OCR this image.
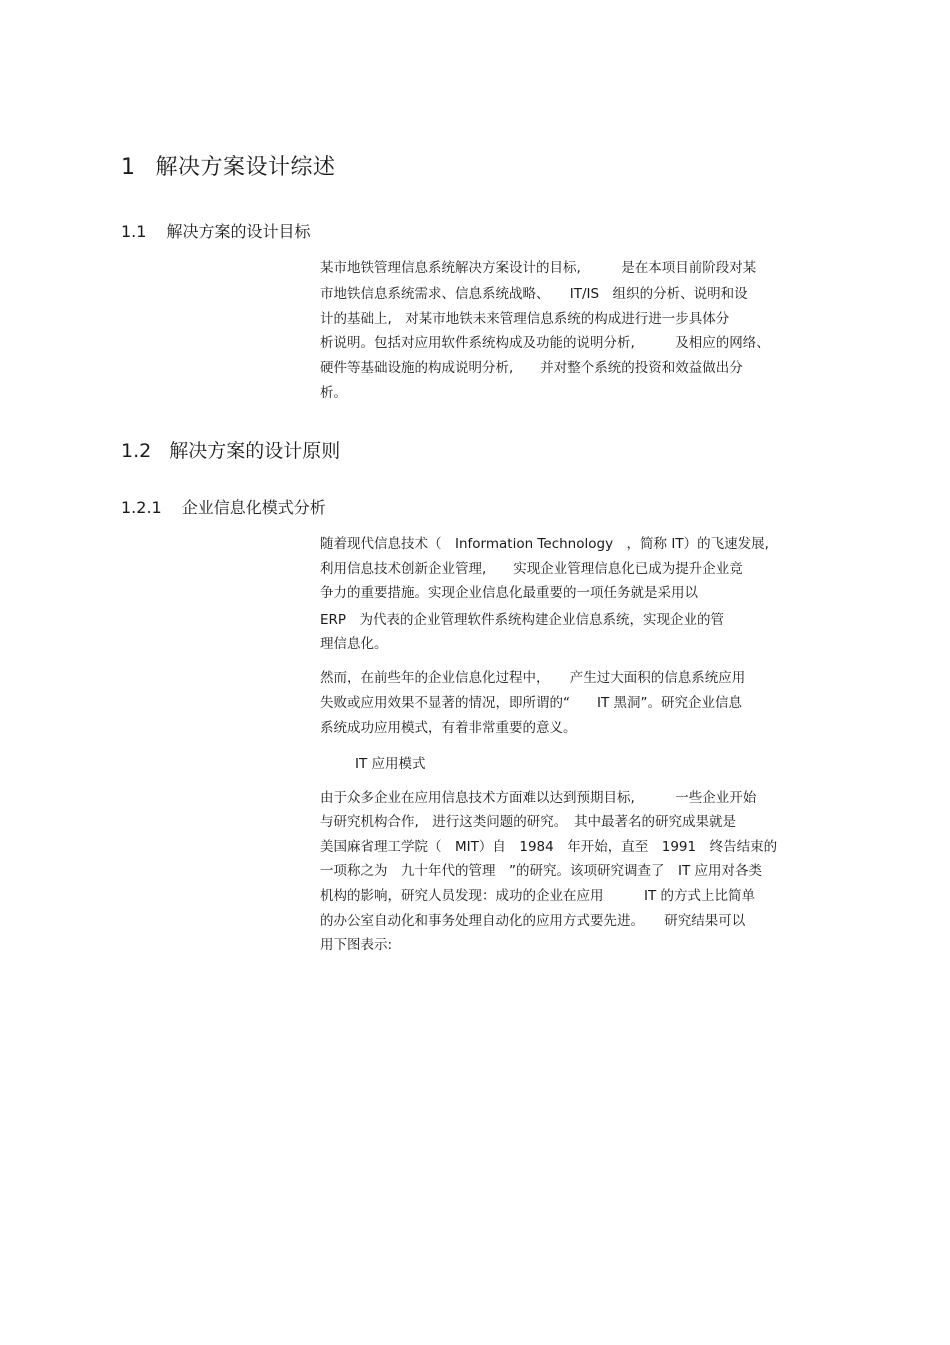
1 解决方案设计综述
1.1 解决方案的设计目标
某市地铁管理信息系统解决方案设计的目标,　　　是在本项目前阶段对某
市地铁信息系统需求、信息系统战略、　　IT/IS　组织的分析、说明和设
计的基础上,　对某市地铁未来管理信息系统的构成进行进一步具体分
析说明。包括对应用软件系统构成及功能的说明分析,　　　及相应的网络、
硬件等基础设施的构成说明分析,　　并对整个系统的投资和效益做出分
析。
1.2 解决方案的设计原则
1.2.1 企业信息化模式分析
随着现代信息技术（　Information Technology　，简称 IT）的飞速发展,
利用信息技术创新企业管理,　　实现企业管理信息化已成为提升企业竞
争力的重要措施。实现企业信息化最重要的一项任务就是采用以
ERP　为代表的企业管理软件系统构建企业信息系统，实现企业的管
理信息化。
然而，在前些年的企业信息化过程中，　　产生过大面积的信息系统应用
失败或应用效果不显著的情况，即所谓的“　　IT 黑洞”。研究企业信息
系统成功应用模式，有着非常重要的意义。
IT 应用模式
由于众多企业在应用信息技术方面难以达到预期目标,　　　一些企业开始
与研究机构合作,　进行这类问题的研究。　其中最著名的研究成果就是
美国麻省理工学院（　MIT）自　1984　年开始，直至　1991　终告结束的
一项称之为　九十年代的管理　”的研究。该项研究调查了　IT 应用对各类
机构的影响，研究人员发现：成功的企业在应用　　　IT 的方式上比简单
的办公室自动化和事务处理自动化的应用方式要先进。　　研究结果可以
用下图表示:
